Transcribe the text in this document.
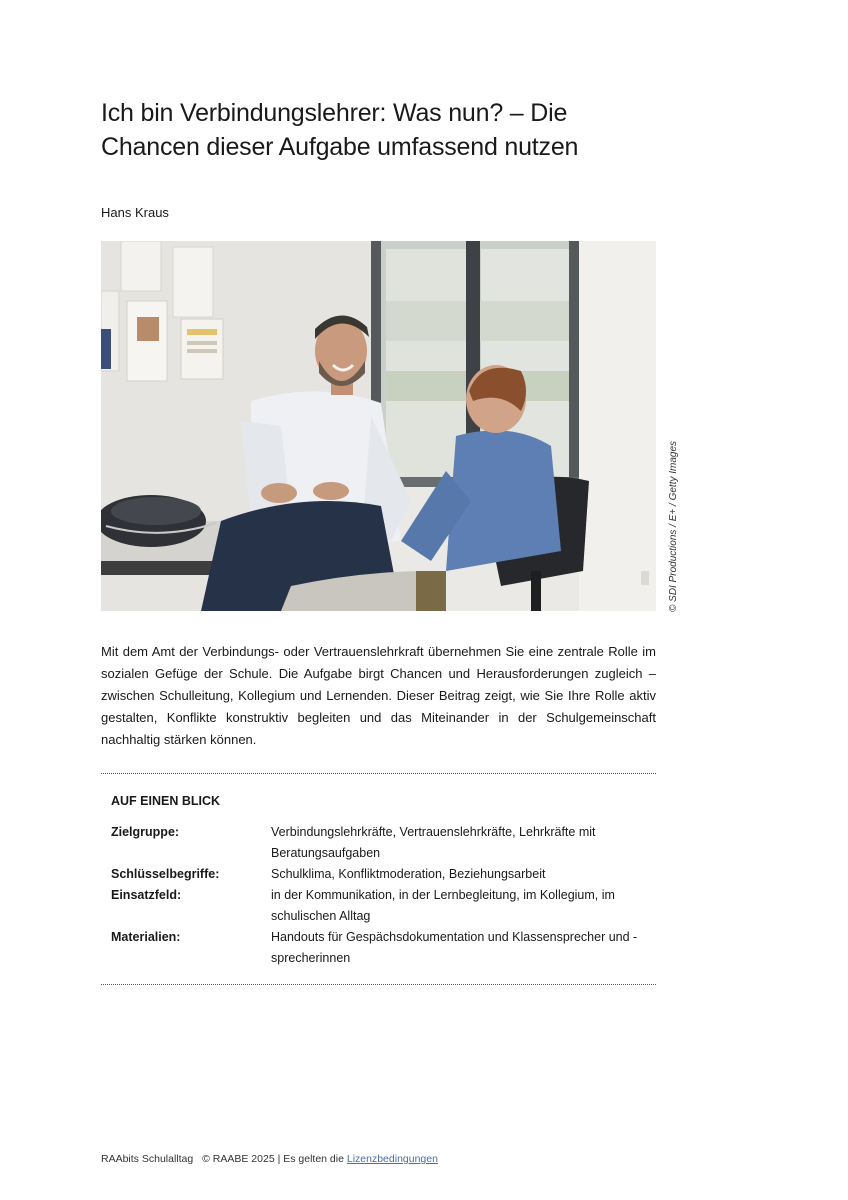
Ich bin Verbindungslehrer: Was nun? – Die
Chancen dieser Aufgabe umfassend nutzen
Hans Kraus
© SDI Productions / E+ / Getty Images

Mit dem Amt der Verbindungs- oder Vertrauenslehrkraft übernehmen Sie eine zentrale Rolle im sozialen Gefüge der Schule. Die Aufgabe birgt Chancen und Herausforderungen zugleich – zwischen Schulleitung, Kollegium und Lernenden. Dieser Beitrag zeigt, wie Sie Ihre Rolle aktiv gestalten, Konflikte konstruktiv begleiten und das Miteinander in der Schulgemeinschaft nachhaltig stärken können.

AUF EINEN BLICK
Zielgruppe:	Verbindungslehrkräfte, Vertrauenslehrkräfte, Lehrkräfte mit Beratungsaufgaben
Schlüsselbegriffe:	Schulklima, Konfliktmoderation, Beziehungsarbeit
Einsatzfeld:	in der Kommunikation, in der Lernbegleitung, im Kollegium, im schulischen Alltag
Materialien:	Handouts für Gespächsdokumentation und Klassensprecher und -sprecherinnen
RAAbits Schulalltag © RAABE 2025 | Es gelten die Lizenzbedingungen
